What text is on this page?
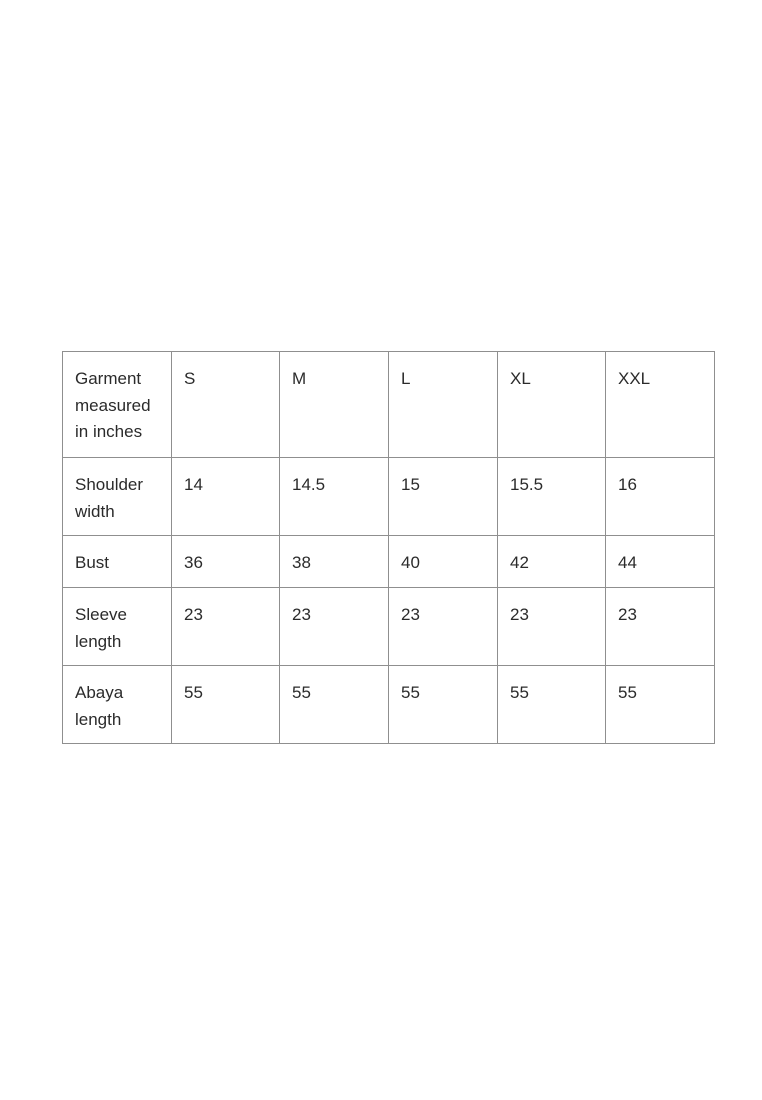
Garment measured in inches	S	M	L	XL	XXL
Shoulder width	14	14.5	15	15.5	16
Bust	36	38	40	42	44
Sleeve length	23	23	23	23	23
Abaya length	55	55	55	55	55
